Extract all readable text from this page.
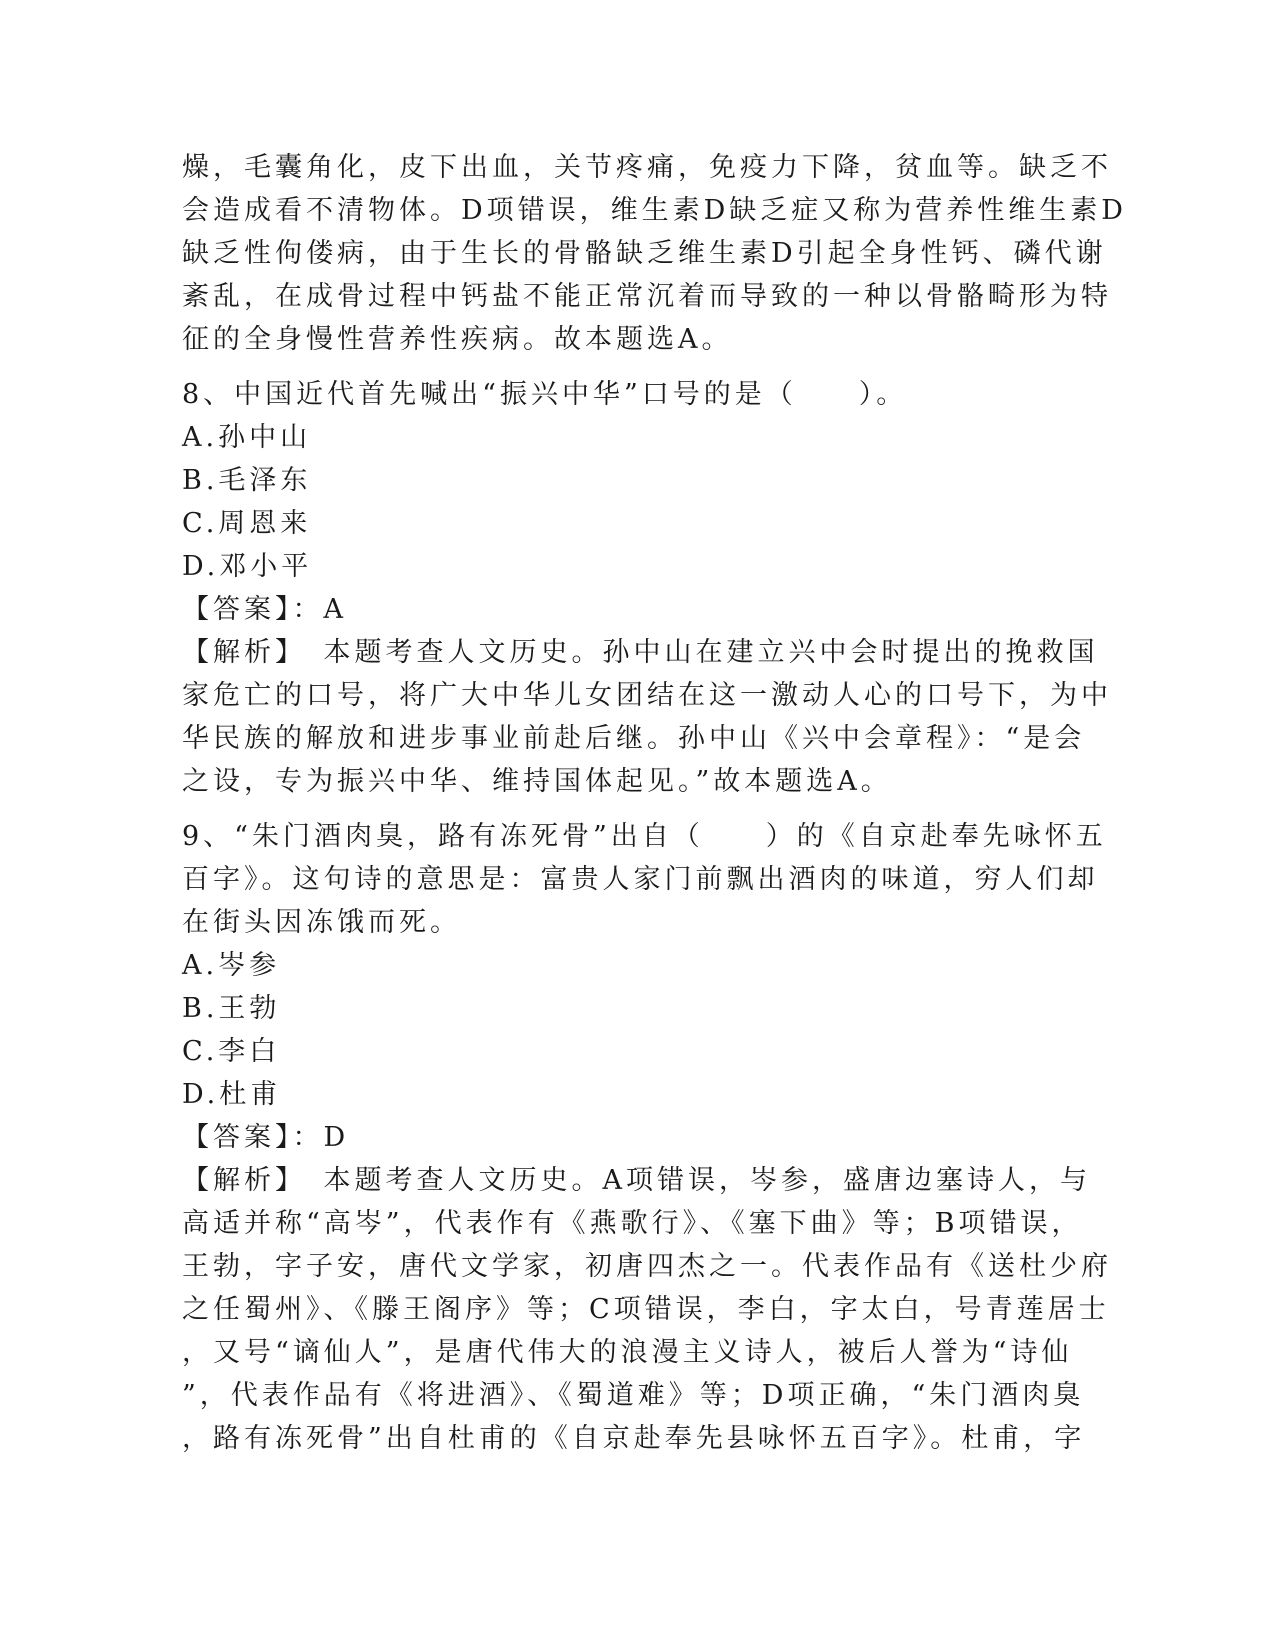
燥，毛囊角化，皮下出血，关节疼痛，免疫力下降，贫血等。缺乏不
会造成看不清物体。D项错误，维生素D缺乏症又称为营养性维生素D
缺乏性佝偻病，由于生长的骨骼缺乏维生素D引起全身性钙、磷代谢
紊乱，在成骨过程中钙盐不能正常沉着而导致的一种以骨骼畸形为特
征的全身慢性营养性疾病。故本题选A。
8、中国近代首先喊出“振兴中华”口号的是（　　）。
A.孙中山
B.毛泽东
C.周恩来
D.邓小平
【答案】：A
【解析】　本题考查人文历史。孙中山在建立兴中会时提出的挽救国
家危亡的口号，将广大中华儿女团结在这一激动人心的口号下，为中
华民族的解放和进步事业前赴后继。孙中山《兴中会章程》：“是会
之设，专为振兴中华、维持国体起见。”故本题选A。
9、“朱门酒肉臭，路有冻死骨”出自（　　）的《自京赴奉先咏怀五
百字》。这句诗的意思是：富贵人家门前飘出酒肉的味道，穷人们却
在街头因冻饿而死。
A.岑参
B.王勃
C.李白
D.杜甫
【答案】：D
【解析】　本题考查人文历史。A项错误，岑参，盛唐边塞诗人，与
高适并称“高岑”，代表作有《燕歌行》、《塞下曲》等；B项错误，
王勃，字子安，唐代文学家，初唐四杰之一。代表作品有《送杜少府
之任蜀州》、《滕王阁序》等；C项错误，李白，字太白，号青莲居士
，又号“谪仙人”，是唐代伟大的浪漫主义诗人，被后人誉为“诗仙
”，代表作品有《将进酒》、《蜀道难》等；D项正确，“朱门酒肉臭
，路有冻死骨”出自杜甫的《自京赴奉先县咏怀五百字》。杜甫，字
